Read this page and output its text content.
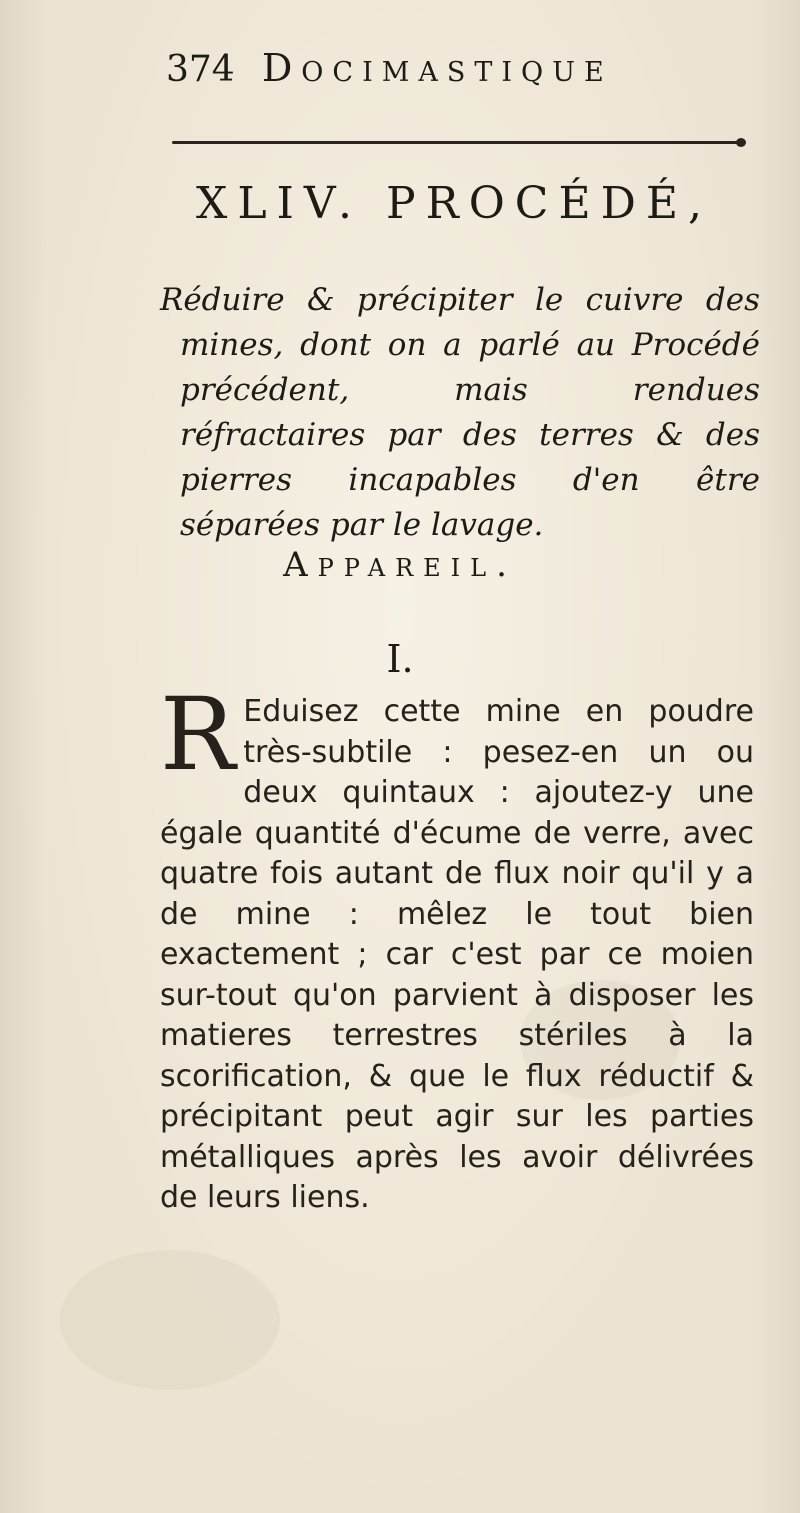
374 Docimastique
XLIV. PROCÉDÉ,
Réduire & précipiter le cuivre des mines, dont on a parlé au Procédé précédent, mais rendues réfractaires par des terres & des pierres incapables d'en être séparées par le lavage.
Appareil.
I.
R Eduisez cette mine en poudre très-subtile : pesez-en un ou deux quintaux : ajoutez-y une égale quantité d'écume de verre, avec quatre fois autant de flux noir qu'il y a de mine : mêlez le tout bien exactement ; car c'est par ce moien sur-tout qu'on parvient à disposer les matieres terrestres stériles à la scorification, & que le flux réductif & précipitant peut agir sur les parties métalliques après les avoir délivrées de leurs liens.
